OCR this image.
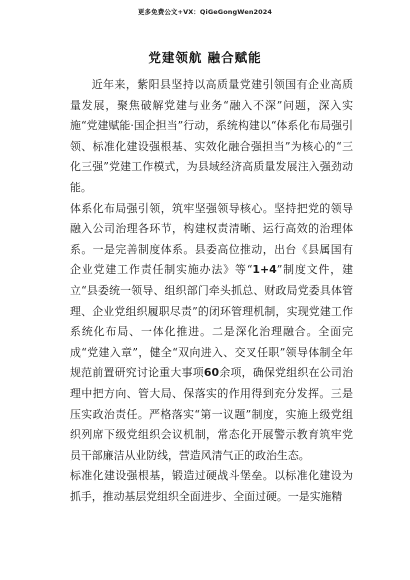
更多免费公文+VX：QiGeGongWen2024
党建领航 融合赋能

近年来，紫阳县坚持以高质量党建引领国有企业高质量发展，聚焦破解党建与业务“融入不深”问题，深入实施“党建赋能·国企担当”行动，系统构建以“体系化布局强引领、标准化建设强根基、实效化融合强担当”为核心的“三化三强”党建工作模式，为县域经济高质量发展注入强劲动能。

体系化布局强引领，筑牢坚强领导核心。坚持把党的领导融入公司治理各环节，构建权责清晰、运行高效的治理体系。一是完善制度体系。县委高位推动，出台《县属国有企业党建工作责任制实施办法》等“1+4”制度文件，建立“县委统一领导、组织部门牵头抓总、财政局党委具体管理、企业党组织履职尽责”的闭环管理机制，实现党建工作系统化布局、一体化推进。二是深化治理融合。全面完成“党建入章”，健全“双向进入、交叉任职”领导体制全年规范前置研究讨论重大事项60余项，确保党组织在公司治理中把方向、管大局、保落实的作用得到充分发挥。三是压实政治责任。严格落实“第一议题”制度，实施上级党组织列席下级党组织会议机制，常态化开展警示教育筑牢党员干部廉洁从业防线，营造风清气正的政治生态。

标准化建设强根基，锻造过硬战斗堡垒。以标准化建设为抓手，推动基层党组织全面进步、全面过硬。一是实施精
